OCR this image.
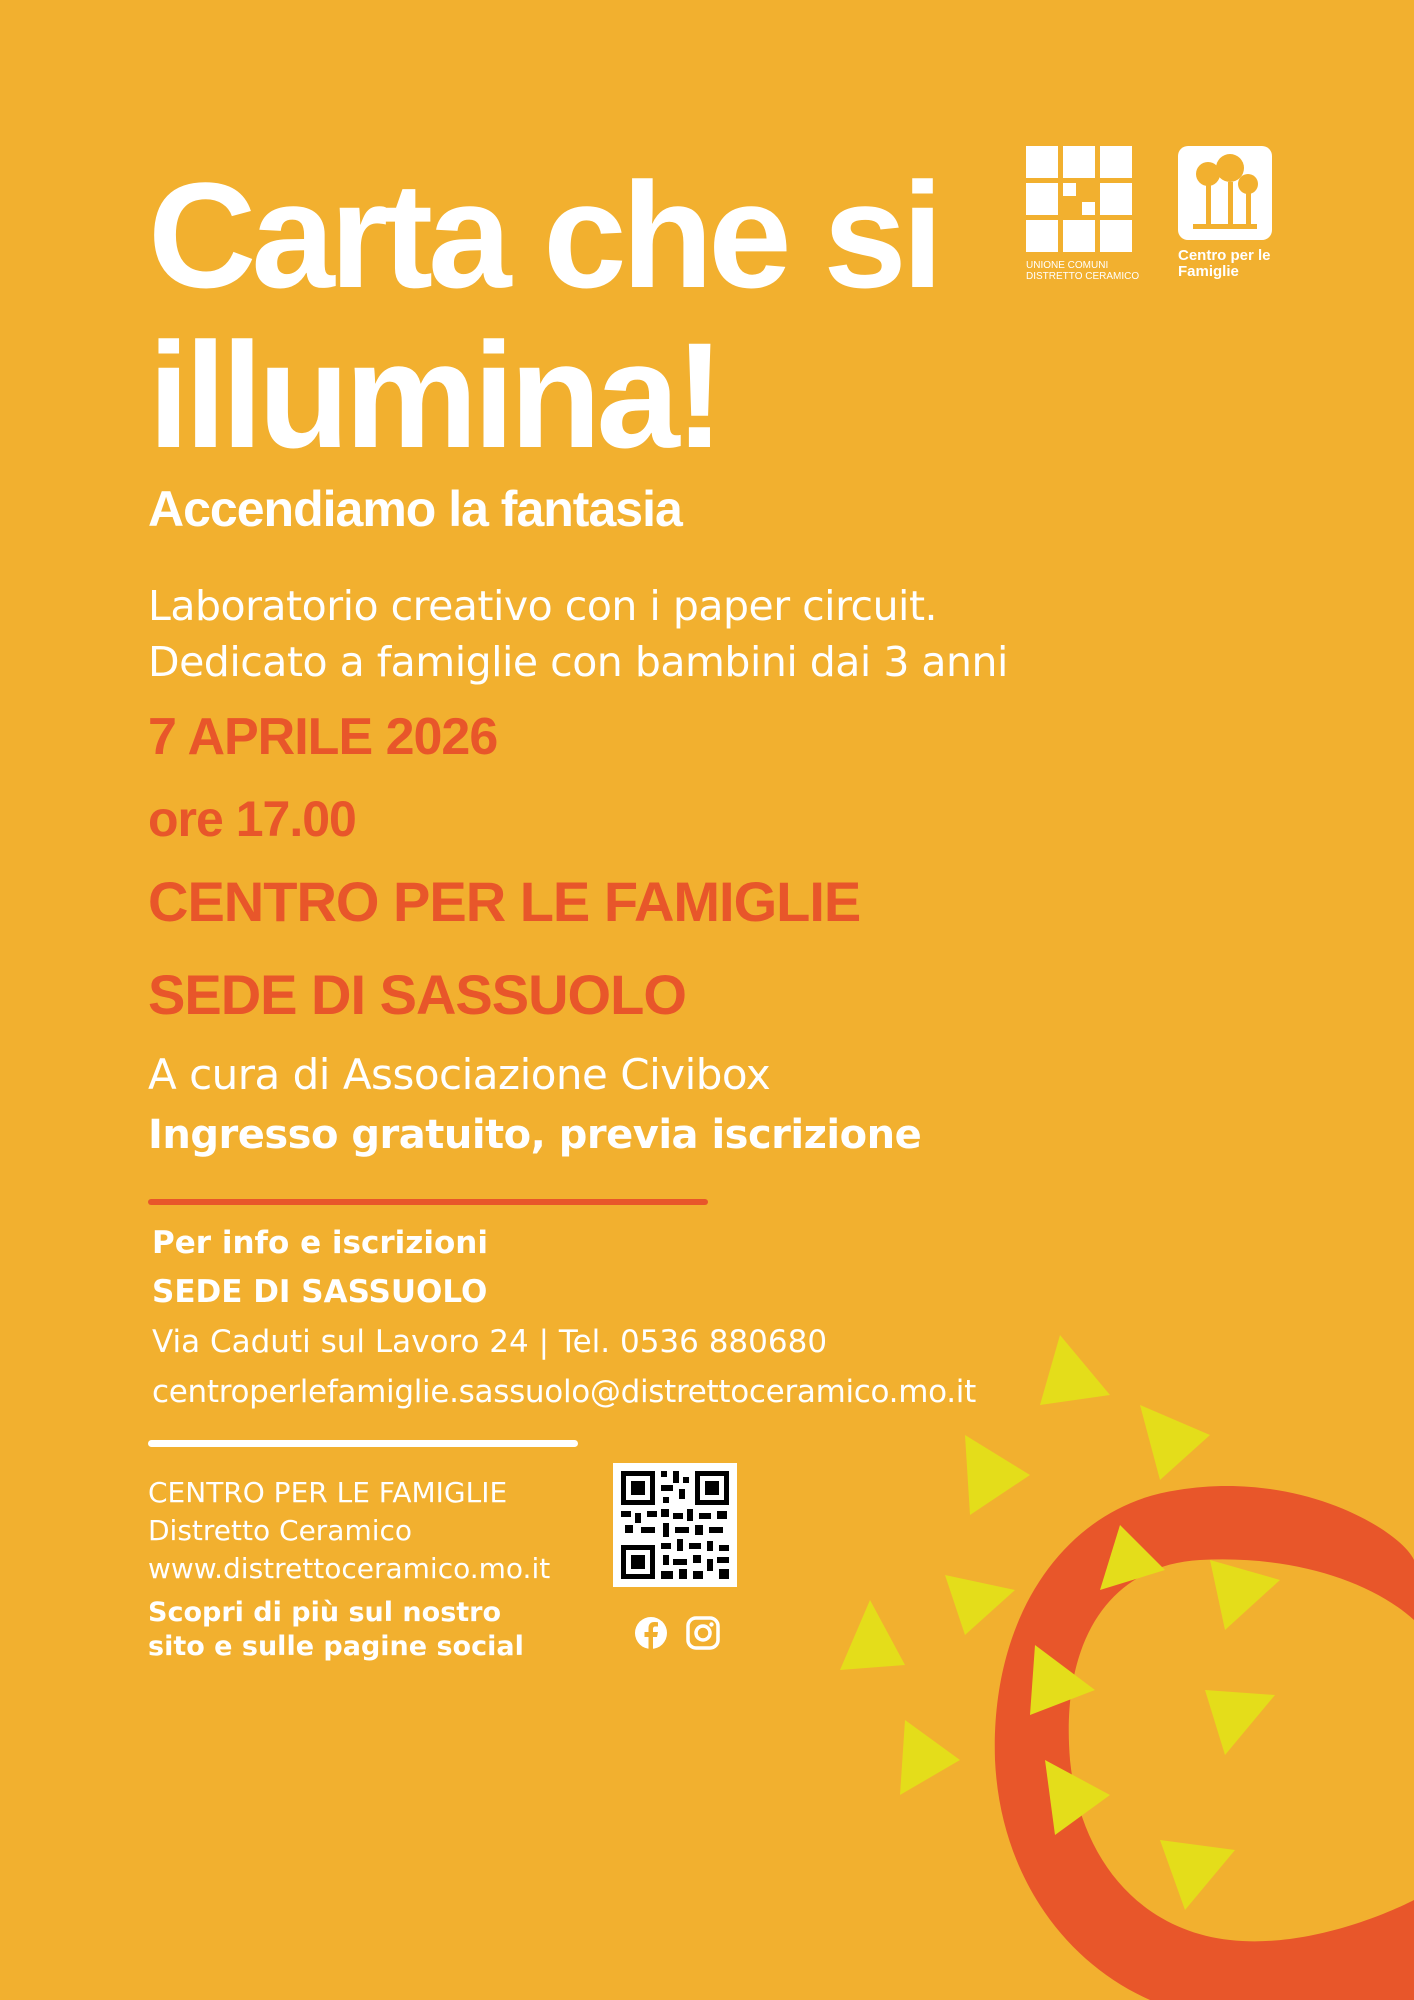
UNIONE COMUNI
DISTRETTO CERAMICO
Centro per le
Famiglie
Carta che si
illumina!
Accendiamo la fantasia
Laboratorio creativo con i paper circuit.
Dedicato a famiglie con bambini dai 3 anni
7 APRILE 2026
ore 17.00
CENTRO PER LE FAMIGLIE
SEDE DI SASSUOLO
A cura di Associazione Civibox
Ingresso gratuito, previa iscrizione
Per info e iscrizioni
SEDE DI SASSUOLO
Via Caduti sul Lavoro 24 | Tel. 0536 880680
centroperlefamiglie.sassuolo@distrettoceramico.mo.it
CENTRO PER LE FAMIGLIE
Distretto Ceramico
www.distrettoceramico.mo.it
Scopri di più sul nostro
sito e sulle pagine social
